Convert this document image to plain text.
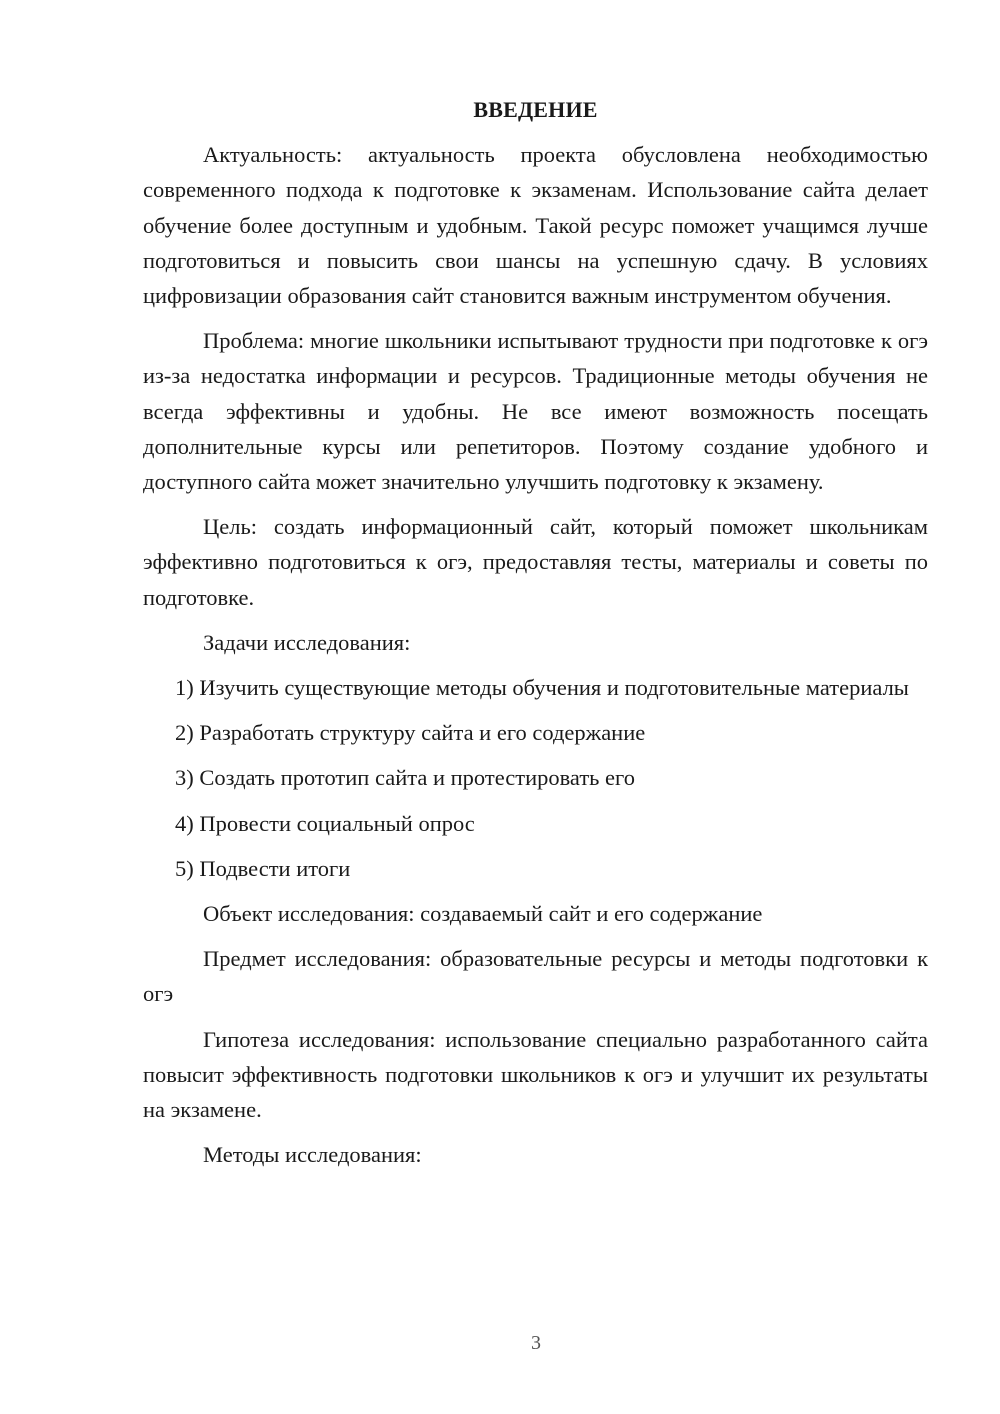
ВВЕДЕНИЕ

Актуальность: актуальность проекта обусловлена необходимостью современного подхода к подготовке к экзаменам. Использование сайта делает обучение более доступным и удобным. Такой ресурс поможет учащимся лучше подготовиться и повысить свои шансы на успешную сдачу. В условиях цифровизации образования сайт становится важным инструментом обучения.

Проблема: многие школьники испытывают трудности при подготовке к огэ из-за недостатка информации и ресурсов. Традиционные методы обучения не всегда эффективны и удобны. Не все имеют возможность посещать дополнительные курсы или репетиторов. Поэтому создание удобного и доступного сайта может значительно улучшить подготовку к экзамену.

Цель: создать информационный сайт, который поможет школьникам эффективно подготовиться к огэ, предоставляя тесты, материалы и советы по подготовке.

Задачи исследования:

1) Изучить существующие методы обучения и подготовительные материалы

2) Разработать структуру сайта и его содержание

3) Создать прототип сайта и протестировать его

4) Провести социальный опрос

5) Подвести итоги

Объект исследования: создаваемый сайт и его содержание

Предмет исследования: образовательные ресурсы и методы подготовки к огэ

Гипотеза исследования: использование специально разработанного сайта повысит эффективность подготовки школьников к огэ и улучшит их результаты на экзамене.

Методы исследования:

3
